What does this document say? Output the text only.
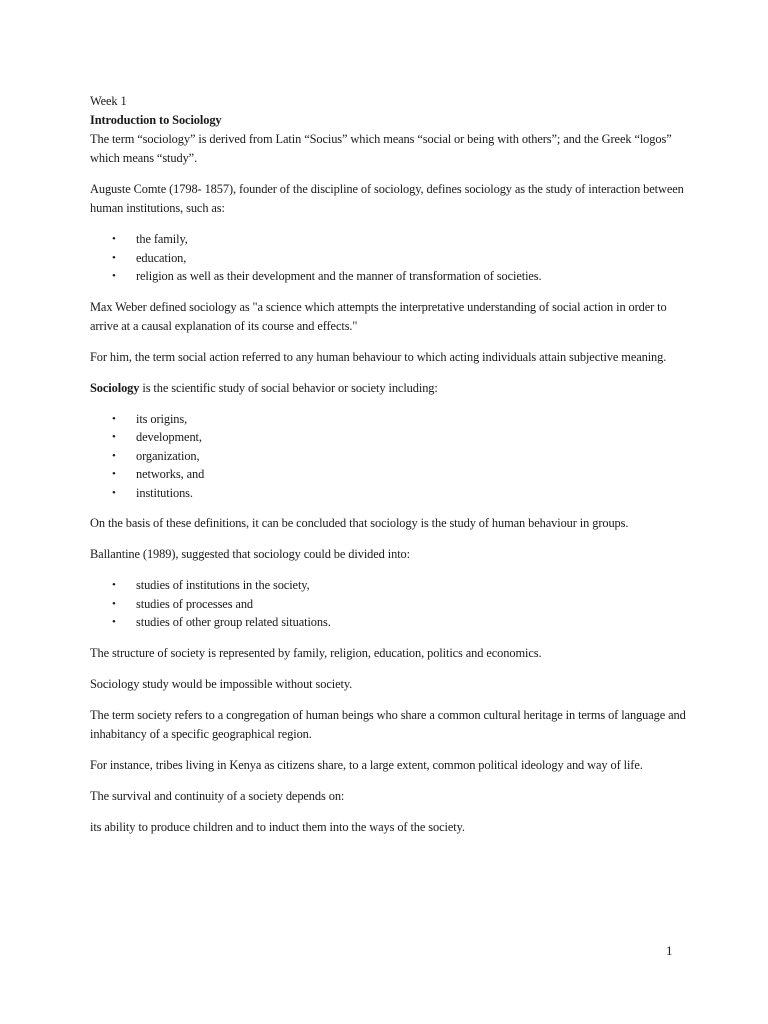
Week 1
Introduction to Sociology

The term “sociology” is derived from Latin “Socius” which means “social or being with others”; and the Greek “logos” which means “study”.

Auguste Comte (1798- 1857), founder of the discipline of sociology, defines sociology as the study of interaction between human institutions, such as:

• the family,
• education,
• religion as well as their development and the manner of transformation of societies.

Max Weber defined sociology as "a science which attempts the interpretative understanding of social action in order to arrive at a causal explanation of its course and effects."

For him, the term social action referred to any human behaviour to which acting individuals attain subjective meaning.

Sociology is the scientific study of social behavior or society including:

• its origins,
• development,
• organization,
• networks, and
• institutions.

On the basis of these definitions, it can be concluded that sociology is the study of human behaviour in groups.

Ballantine (1989), suggested that sociology could be divided into:

• studies of institutions in the society,
• studies of processes and
• studies of other group related situations.

The structure of society is represented by family, religion, education, politics and economics.

Sociology study would be impossible without society.

The term society refers to a congregation of human beings who share a common cultural heritage in terms of language and inhabitancy of a specific geographical region.

For instance, tribes living in Kenya as citizens share, to a large extent, common political ideology and way of life.

The survival and continuity of a society depends on:

its ability to produce children and to induct them into the ways of the society.

1
